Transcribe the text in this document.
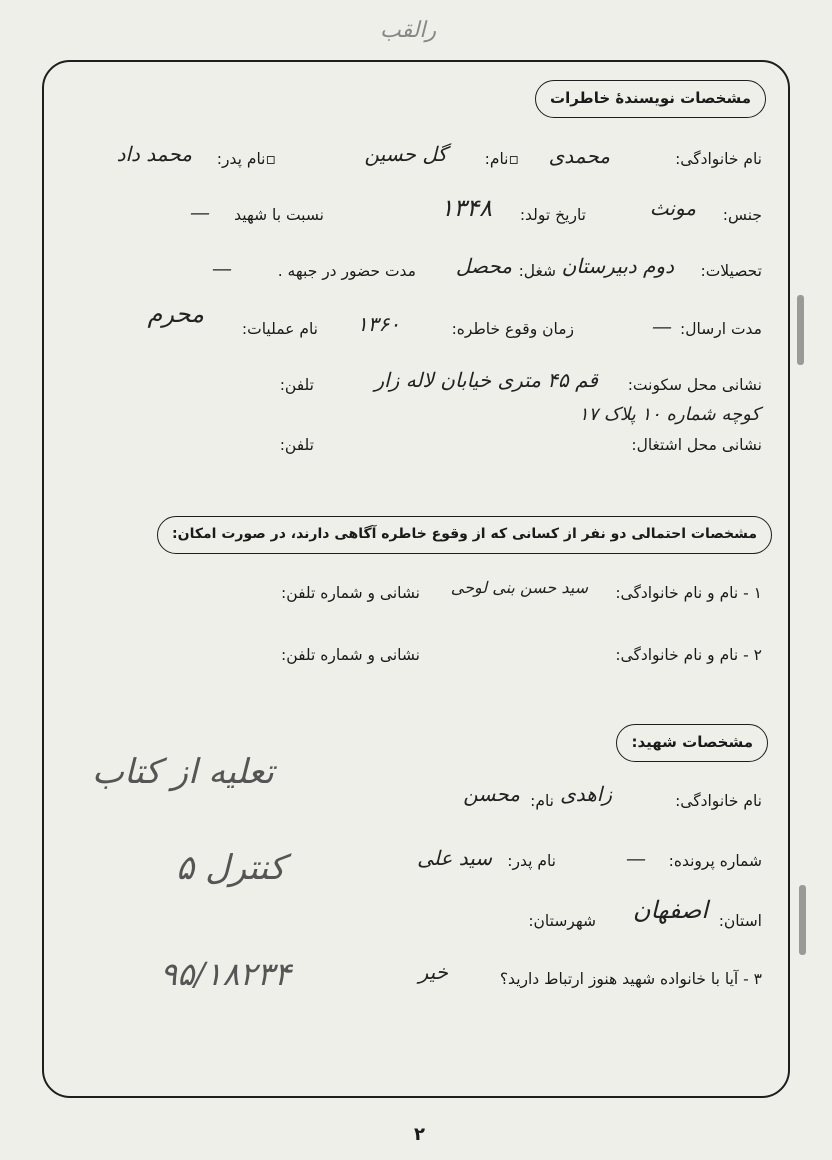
رالقب
مشخصات نویسندهٔ خاطرات
نام خانوادگی:
محمدی
▫نام:
گل حسین
▫نام پدر:
محمد داد
جنس:
مونث
تاریخ تولد:
۱۳۴۸
نسبت با شهید
—
تحصیلات:
دوم دبیرستان
شغل:
محصل
مدت حضور در جبهه .
—
مدت ارسال:
—
زمان وقوع خاطره:
۱۳۶۰
نام عملیات:
محرم
نشانی محل سکونت:
قم ۴۵ متری خیابان لاله زار
تلفن:
کوچه شماره ۱۰ پلاک ۱۷
نشانی محل اشتغال:
تلفن:
مشخصات احتمالی دو نفر از کسانی که از وقوع خاطره آگاهی دارند، در صورت امکان:
۱ - نام و نام خانوادگی:
سید حسن بنی لوحی
نشانی و شماره تلفن:
۲ - نام و نام خانوادگی:
نشانی و شماره تلفن:
مشخصات شهید:
نام خانوادگی:
زاهدی
نام:
محسن
شماره پرونده:
—
نام پدر:
سید علی
استان:
اصفهان
شهرستان:
۳ - آیا با خانواده شهید هنوز ارتباط دارید؟
خیر
تعلیه از کتاب
کنترل ۵
۹۵/۱۸۲۳۴
۲
